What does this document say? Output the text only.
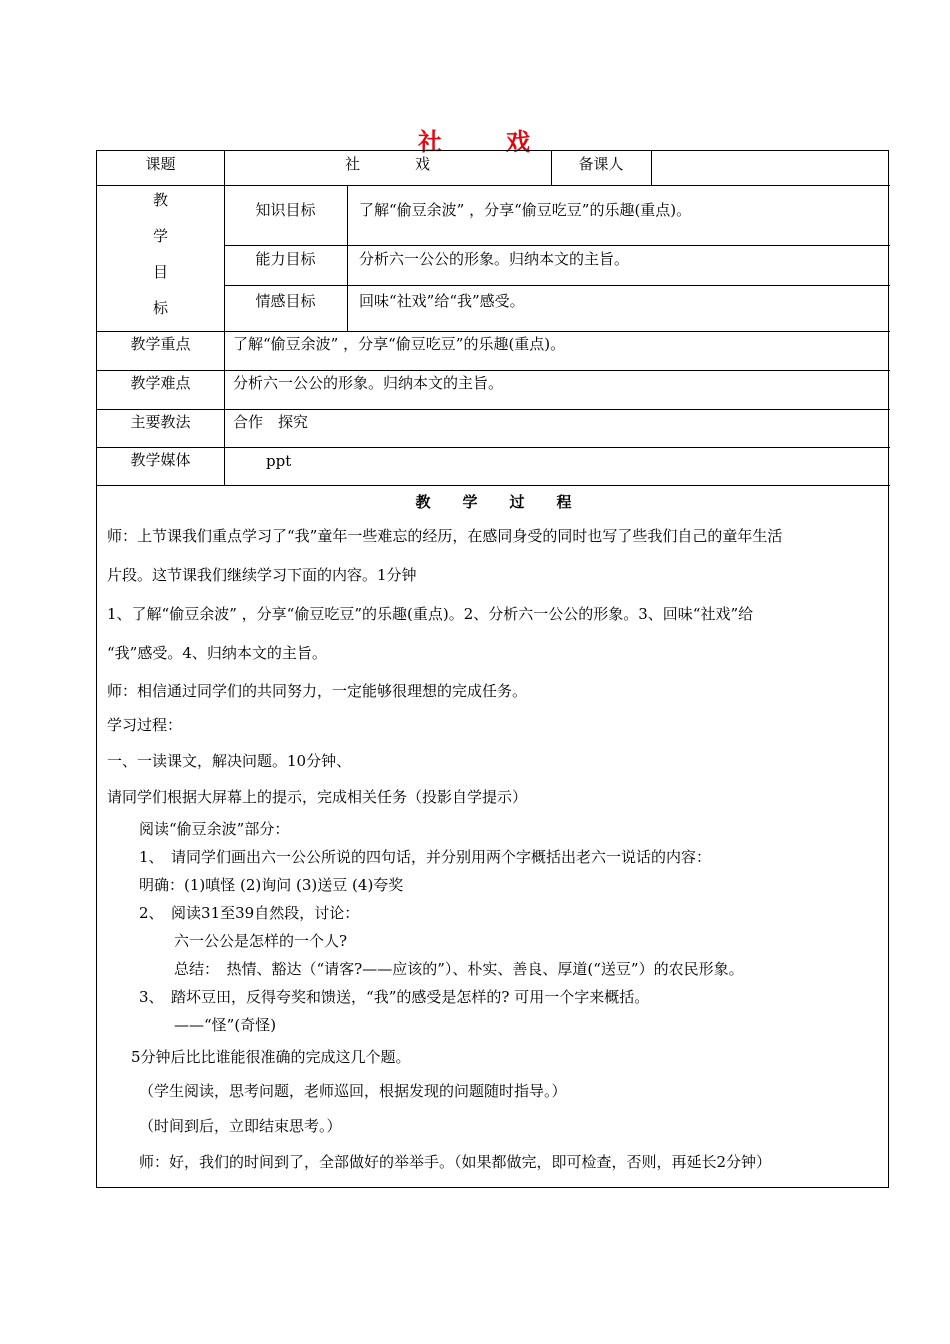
社	戏
课题	社	戏	备课人
教
学
目
标
知识目标	了解“偷豆余波” ，分享“偷豆吃豆”的乐趣(重点)。
能力目标	分析六一公公的形象。归纳本文的主旨。
情感目标	回味“社戏”给“我”感受。
教学重点	了解“偷豆余波” ，分享“偷豆吃豆”的乐趣(重点)。
教学难点	分析六一公公的形象。归纳本文的主旨。
主要教法	合作　探究
教学媒体	ppt
教 学 过 程
师：上节课我们重点学习了“我”童年一些难忘的经历，在感同身受的同时也写了些我们自己的童年生活
片段。这节课我们继续学习下面的内容。1分钟
1、了解“偷豆余波” ，分享“偷豆吃豆”的乐趣(重点)。2、分析六一公公的形象。3、回味“社戏”给
“我”感受。4、归纳本文的主旨。
师：相信通过同学们的共同努力，一定能够很理想的完成任务。
学习过程：
一、一读课文，解决问题。10分钟、
请同学们根据大屏幕上的提示，完成相关任务（投影自学提示）
阅读“偷豆余波”部分：
1、　请同学们画出六一公公所说的四句话，并分别用两个字概括出老六一说话的内容：
明确：(1)嗔怪 (2)询问 (3)送豆 (4)夸奖
2、　阅读31至39自然段，讨论：
六一公公是怎样的一个人?
总结：　热情、豁达（“请客?——应该的”）、朴实、善良、厚道(“送豆”）的农民形象。
3、　踏坏豆田，反得夸奖和馈送，“我”的感受是怎样的? 可用一个字来概括。
——“怪”(奇怪)
5分钟后比比谁能很准确的完成这几个题。
（学生阅读，思考问题，老师巡回，根据发现的问题随时指导。）
（时间到后，立即结束思考。）
师：好，我们的时间到了，全部做好的举举手。（如果都做完，即可检查，否则，再延长2分钟）
